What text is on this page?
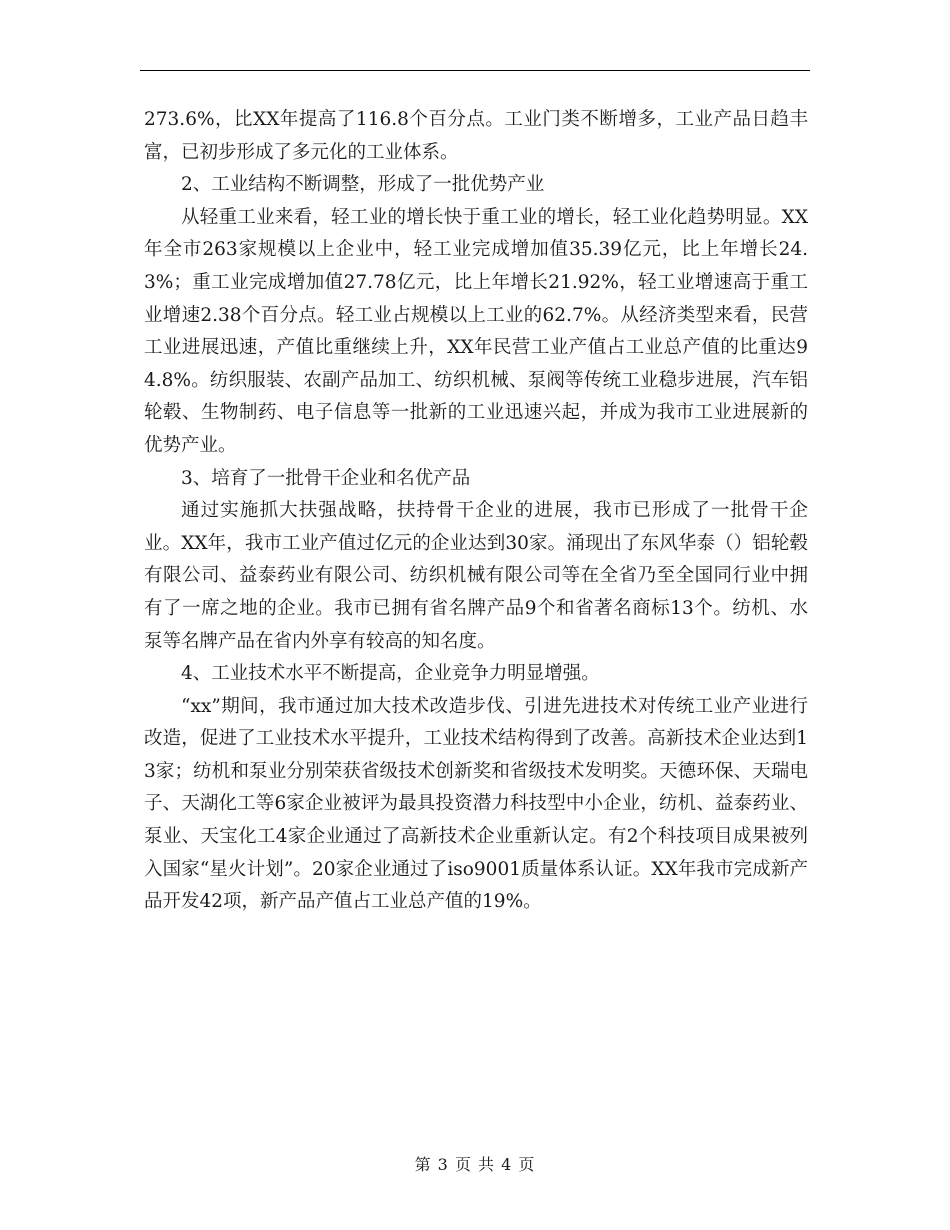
273.6%，比XX年提高了116.8个百分点。工业门类不断增多，工业产品日趋丰富，已初步形成了多元化的工业体系。

2、工业结构不断调整，形成了一批优势产业

从轻重工业来看，轻工业的增长快于重工业的增长，轻工业化趋势明显。XX年全市263家规模以上企业中，轻工业完成增加值35.39亿元，比上年增长24.3%；重工业完成增加值27.78亿元，比上年增长21.92%，轻工业增速高于重工业增速2.38个百分点。轻工业占规模以上工业的62.7%。从经济类型来看，民营工业进展迅速，产值比重继续上升，XX年民营工业产值占工业总产值的比重达94.8%。纺织服装、农副产品加工、纺织机械、泵阀等传统工业稳步进展，汽车铝轮毂、生物制药、电子信息等一批新的工业迅速兴起，并成为我市工业进展新的优势产业。

3、培育了一批骨干企业和名优产品

通过实施抓大扶强战略，扶持骨干企业的进展，我市已形成了一批骨干企业。XX年，我市工业产值过亿元的企业达到30家。涌现出了东风华泰（）铝轮毂有限公司、益泰药业有限公司、纺织机械有限公司等在全省乃至全国同行业中拥有了一席之地的企业。我市已拥有省名牌产品9个和省著名商标13个。纺机、水泵等名牌产品在省内外享有较高的知名度。

4、工业技术水平不断提高，企业竞争力明显增强。

“xx”期间，我市通过加大技术改造步伐、引进先进技术对传统工业产业进行改造，促进了工业技术水平提升，工业技术结构得到了改善。高新技术企业达到13家；纺机和泵业分别荣获省级技术创新奖和省级技术发明奖。天德环保、天瑞电子、天湖化工等6家企业被评为最具投资潜力科技型中小企业，纺机、益泰药业、泵业、天宝化工4家企业通过了高新技术企业重新认定。有2个科技项目成果被列入国家“星火计划”。20家企业通过了iso9001质量体系认证。XX年我市完成新产品开发42项，新产品产值占工业总产值的19%。

第 3 页 共 4 页
